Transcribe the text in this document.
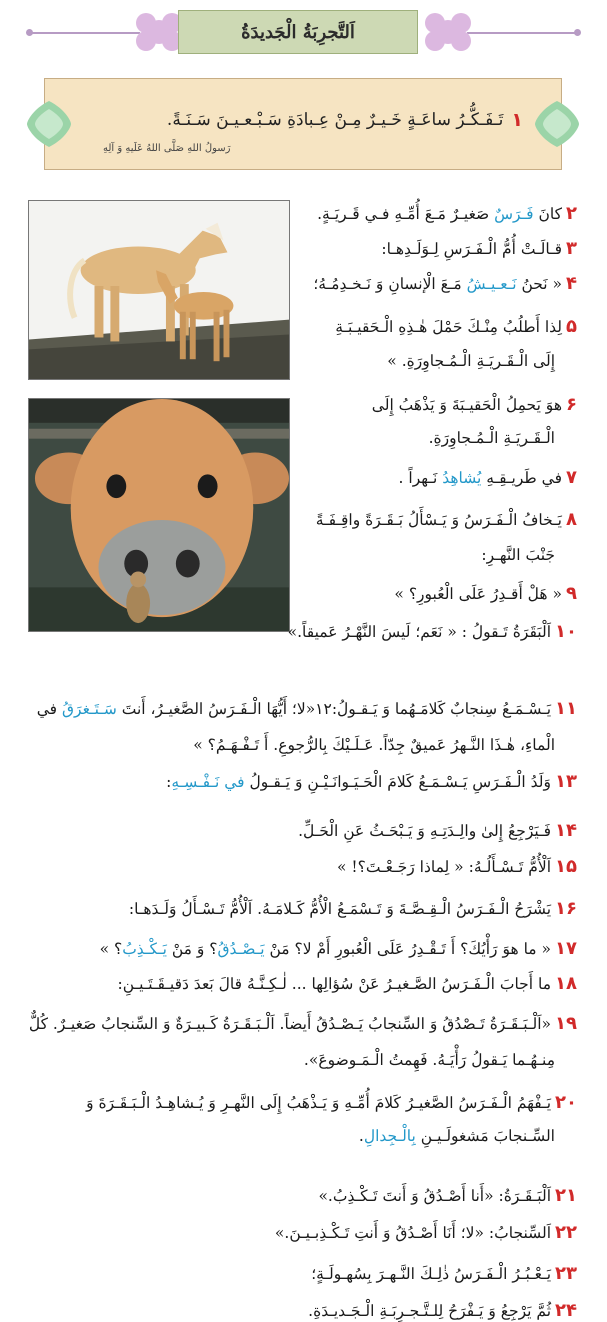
اَلتَّجرِبَةُ الْجَدیدَةُ
۱
تَـفَـكُّـرُ ساعَـةٍ خَـيـرٌ مِـنْ عِـبادَةِ سَـبْـعـيـنَ سَـنَـةً.
رَسولُ اللهِ صَلَّی اللهُ عَلَیهِ وَ آلِهِ
۲كانَ فَـرَسٌ صَغيـرٌ مَـعَ أُمِّـهِ فـي قَـريَـةٍ.
۳قـالَـتْ أُمُّ الْـفَـرَسِ لِـوَلَـدِهـا:
۴« نَحنُ نَـعـيـشُ مَـعَ الْإنسانِ وَ نَـخـدِمُـهُ؛
۵لِذا أَطلُبُ مِنْـكَ حَمْلَ هٰـذِهِ الْـحَقيـبَـةِ
إِلَى الْـقَـريَـةِ الْـمُـجاوِرَةِ. »
۶هوَ يَحمِلُ الْحَقيـبَةَ وَ يَذْهَبُ إِلَى
الْـقَـريَـةِ الْـمُـجاوِرَةِ.
۷في طَريـقِـهِ يُشاهِدُ نَـهراً .
۸يَـخافُ الْـفَـرَسُ وَ يَـسْأَلُ بَـقَـرَةً واقِـفَـةً
جَنْبَ النَّهـرِ:
۹« هَلْ أَقـدِرُ عَلَى الْعُبورِ؟ »
۱۰اَلْبَقَرَةُ تَـقولُ : « نَعَم؛ لَيسَ النَّهْـرُ عَميقاً.»
۱۱يَـسْـمَـعُ سِنجابٌ كَلامَـهُما وَ يَـقـولُ:۱۲«لا؛ أَيُّهَا الْـفَـرَسُ الصَّغيـرُ، أَنتَ سَـتَـغرَقُ في
الْماءِ، هٰـذَا النَّـهرُ عَميقٌ جِدّاً. عَـلَـيْكَ بِالرُّجوعِ. أَ تَـفْـهَـمُ؟ »
۱۳وَلَدُ الْـفَـرَسِ يَـسْـمَـعُ كَلامَ الْحَـيَـوانَـيْـنِ وَ يَـقـولُ في نَـفْـسِـهِ:
۱۴فَـيَرْجِعُ إِلىٰ والِـدَتِـهِ وَ يَـبْحَـثُ عَنِ الْحَـلِّ.
۱۵اَلْأُمُّ تَـسْـأَلُـهُ: « لِماذا رَجَـعْـتَ؟! »
۱۶يَشْرَحُ الْـفَـرَسُ الْـقِـصَّـةَ وَ تَـسْمَـعُ الْأُمُّ كَـلامَـهُ. اَلْأُمُّ تَـسْـأَلُ وَلَـدَهـا:
۱۷« ما هوَ رَأْيُكَ؟ أَ تَـقْـدِرُ عَلَى الْعُبورِ أَمْ لا؟ مَنْ يَـصْـدُقُ؟ وَ مَنْ يَـكْـذِبُ؟ »
۱۸ما أَجابَ الْـفَـرَسُ الصَّـغيـرُ عَنْ سُؤالِها ... لٰـكِـنَّـهُ قالَ بَعدَ دَقيـقَـتَـيـنِ:
۱۹«اَلْـبَـقَـرَةُ تَـصْدُقُ وَ السِّنجابُ يَـصْـدُقُ أَيضاً. اَلْـبَـقَـرَةُ كَـبيـرَةٌ وَ السِّنجابُ صَغيـرٌ. كُلٌّ
مِنـهُـما يَـقولُ رَأْيَـهُ. فَهِمتُ الْـمَـوضوعَ».
۲۰يَـفْهَمُ الْـفَـرَسُ الصَّغيـرُ كَلامَ أُمِّـهِ وَ يَـذْهَبُ إِلَى النَّهـرِ وَ يُـشاهِـدُ الْـبَـقَـرَةَ وَ
السِّـنجابَ مَشغولَـيـنِ بِالْـجِدالِ.
۲۱اَلْبَـقَـرَةُ: «أَنا أَصْـدُقُ وَ أَنتَ تَـكْـذِبُ.»
۲۲اَلسِّنجابُ: «لا؛ أَنَا أَصْـدُقُ وَ أَنتِ تَـكْـذِبـيـنَ.»
۲۳يَـعْـبُـرُ الْـفَـرَسُ ذٰلِـكَ النَّـهـرَ بِسُهـولَـةٍ؛
۲۴ثُمَّ يَرْجِعُ وَ يَـفْرَحُ لِلـتَّـجـرِبَـةِ الْـجَـديـدَةِ.
